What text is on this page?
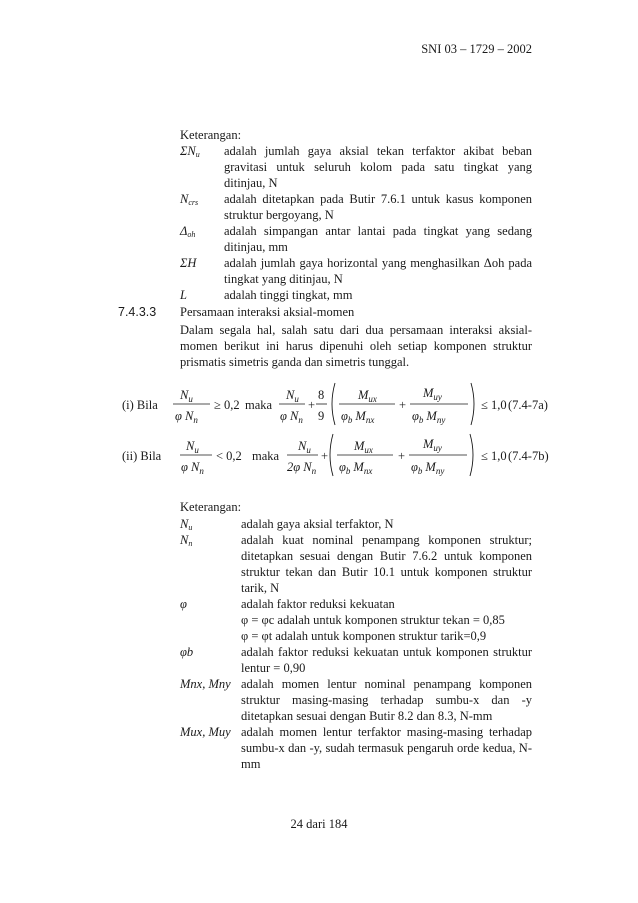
SNI 03 – 1729 – 2002
Keterangan:
$\Sigma N_u$ adalah jumlah gaya aksial tekan terfaktor akibat beban gravitasi untuk seluruh kolom pada satu tingkat yang ditinjau, N
$N_{crs}$ adalah ditetapkan pada Butir 7.6.1 untuk kasus komponen struktur bergoyang, N
$\Delta_{oh}$ adalah simpangan antar lantai pada tingkat yang sedang ditinjau, mm
ΣH adalah jumlah gaya horizontal yang menghasilkan Δoh pada tingkat yang ditinjau, N
L	adalah tinggi tingkat, mm
7.4.3.3 Persamaan interaksi aksial-momen
Dalam segala hal, salah satu dari dua persamaan interaksi aksial-momen berikut ini harus dipenuhi oleh setiap komponen struktur prismatis simetris ganda dan simetris tunggal.
(i) Bila
$N_u$
φ $N_n$
≥ 0,2 maka
$N_u$
φ $N_n$
+
8
9
$M_{ux}$
$\varphi_b$ $M_{nx}$
+
$M_{uy}$
$\varphi_b$ $M_{ny}$
≤ 1,0 (7.4-7a)
(ii) Bila
$N_u$
φ $N_n$
< 0,2 maka
$N_u$
2φ $N_n$
+
$M_{ux}$
$\varphi_b$ $M_{nx}$
+
$M_{uy}$
$\varphi_b$ $M_{ny}$
≤ 1,0 (7.4-7b)
Keterangan:
$N_u$	adalah gaya aksial terfaktor, N
$N_n$	adalah kuat nominal penampang komponen struktur; ditetapkan sesuai dengan Butir 7.6.2 untuk komponen struktur tekan dan Butir 10.1 untuk komponen struktur tarik, N
φ	adalah faktor reduksi kekuatan
φ = φc adalah untuk komponen struktur tekan = 0,85
φ = φt adalah untuk komponen struktur tarik=0,9
φb	adalah faktor reduksi kekuatan untuk komponen struktur lentur = 0,90
Mnx, Mny adalah momen lentur nominal penampang komponen struktur masing-masing terhadap sumbu-x dan -y ditetapkan sesuai dengan Butir 8.2 dan 8.3, N-mm
Mux, Muy adalah momen lentur terfaktor masing-masing terhadap sumbu-x dan -y, sudah termasuk pengaruh orde kedua, N-mm
24 dari 184
